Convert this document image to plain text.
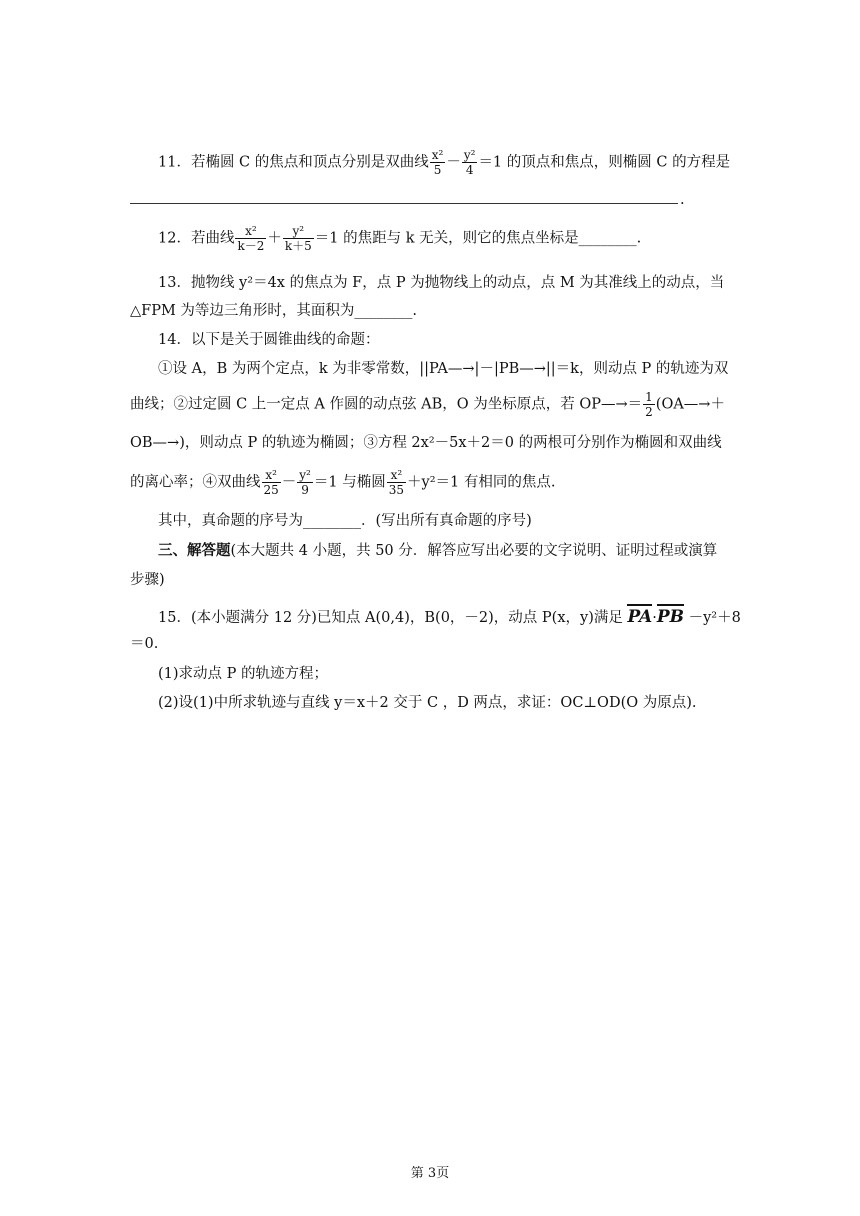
11．若椭圆 C 的焦点和顶点分别是双曲线 $\frac{\text{x²}}{5} - \frac{\text{y²}}{4} =1$ 的顶点和焦点，则椭圆 C 的方程是
.
12．若曲线 $\frac{\text{x²}}{k-2} + \frac{\text{y²}}{k+5} =1$ 的焦距与 k 无关，则它的焦点坐标是________.
13．抛物线 y²＝4x 的焦点为 F，点 P 为抛物线上的动点，点 M 为其准线上的动点，当
△FPM 为等边三角形时，其面积为________.
14．以下是关于圆锥曲线的命题：
①设 A，B 为两个定点，k 为非零常数，||PA—→|－|PB—→||＝k，则动点 P 的轨迹为双
曲线；②过定圆 C 上一定点 A 作圆的动点弦 AB，O 为坐标原点，若 OP—→＝ $\frac{1}{2}$ (OA—→＋
OB—→)，则动点 P 的轨迹为椭圆；③方程 2x²－5x＋2＝0 的两根可分别作为椭圆和双曲线
的离心率；④双曲线 $\frac{\text{x²}}{25} - \frac{\text{y²}}{9} =1$ 与椭圆 $\frac{\text{x²}}{35} +y^2=1$ 有相同的焦点.
其中，真命题的序号为________．(写出所有真命题的序号)
三、解答题(本大题共 4 小题，共 50 分．解答应写出必要的文字说明、证明过程或演算
步骤)
15．(本小题满分 12 分)已知点 A(0,4)，B(0，－2)，动点 P(x，y)满足 PA·PB －y²＋8
＝0.
(1)求动点 P 的轨迹方程；
(2)设(1)中所求轨迹与直线 y＝x＋2 交于 C ，D 两点，求证：OC⊥OD(O 为原点).
第 3页
